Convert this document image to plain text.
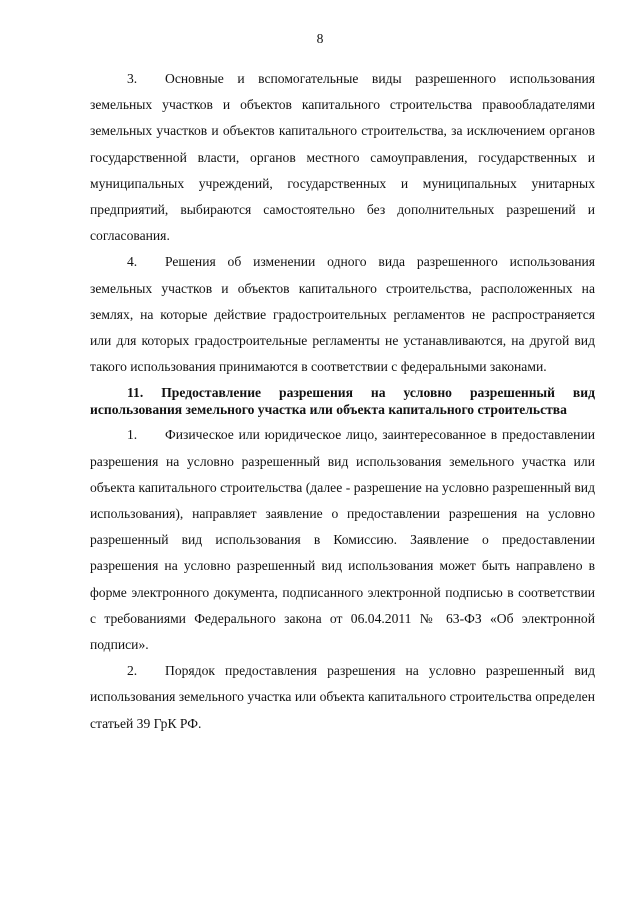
8

3. Основные и вспомогательные виды разрешенного использования земельных участков и объектов капитального строительства правообладателями земельных участков и объектов капитального строительства, за исключением органов государственной власти, органов местного самоуправления, государственных и муниципальных учреждений, государственных и муниципальных унитарных предприятий, выбираются самостоятельно без дополнительных разрешений и согласования.

4. Решения об изменении одного вида разрешенного использования земельных участков и объектов капитального строительства, расположенных на землях, на которые действие градостроительных регламентов не распространяется или для которых градостроительные регламенты не устанавливаются, на другой вид такого использования принимаются в соответствии с федеральными законами.

11. Предоставление разрешения на условно разрешенный вид использования земельного участка или объекта капитального строительства

1. Физическое или юридическое лицо, заинтересованное в предоставлении разрешения на условно разрешенный вид использования земельного участка или объекта капитального строительства (далее - разрешение на условно разрешенный вид использования), направляет заявление о предоставлении разрешения на условно разрешенный вид использования в Комиссию. Заявление о предоставлении разрешения на условно разрешенный вид использования может быть направлено в форме электронного документа, подписанного электронной подписью в соответствии с требованиями Федерального закона от 06.04.2011 № 63-ФЗ «Об электронной подписи».

2. Порядок предоставления разрешения на условно разрешенный вид использования земельного участка или объекта капитального строительства определен статьей 39 ГрК РФ.
